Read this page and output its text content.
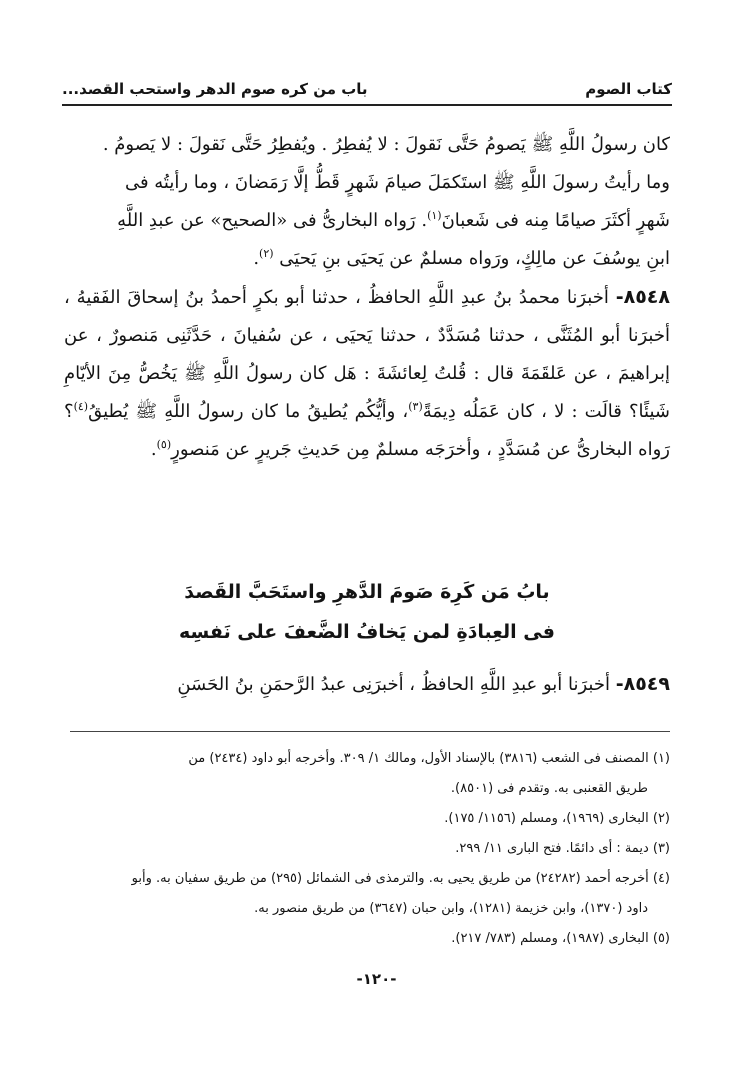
كتاب الصوم
باب من كره صوم الدهر واستحب القصد...

كان رسولُ اللَّهِ ﷺ يَصومُ حَتَّى نَقولَ : لا يُفطِرُ . ويُفطِرُ حَتَّى نَقولَ : لا يَصومُ .

وما رأيتُ رسولَ اللَّهِ ﷺ استَكمَلَ صيامَ شَهرٍ قَطُّ إلَّا رَمَضانَ ، وما رأيتُه فى

شَهرٍ أكثَرَ صيامًا مِنه فى شَعبانَ$^{(١)}$. رَواه البخارىُّ فى «الصحيح» عن عبدِ اللَّهِ

ابنِ يوسُفَ عن مالِكٍ، ورَواه مسلمٌ عن يَحيَى بنِ يَحيَى $^{(٢)}$.

٨٥٤٨- أخبرَنا محمدُ بنُ عبدِ اللَّهِ الحافظُ ، حدثنا أبو بكرٍ أحمدُ بنُ إسحاقَ الفَقيهُ ، أخبرَنا أبو المُثَنَّى ، حدثنا مُسَدَّدٌ ، حدثنا يَحيَى ، عن سُفيانَ ، حَدَّثَنِى مَنصورٌ ، عن إبراهيمَ ، عن عَلقَمَةَ قال : قُلتُ لِعائشَةَ : هَل كان رسولُ اللَّهِ ﷺ يَخُصُّ مِنَ الأيّامِ شَيئًا؟ قالَت : لا ، كان عَمَلُه دِيمَةً$^{(٣)}$، وأيُّكُم يُطيقُ ما كان رسولُ اللَّهِ ﷺ يُطيقُ$^{(٤)}$؟ رَواه البخارىُّ عن مُسَدَّدٍ ، وأخرَجَه مسلمٌ مِن حَديثِ جَريرٍ عن مَنصورٍ$^{(٥)}$.

بابُ مَن كَرِهَ صَومَ الدَّهرِ واستَحَبَّ القَصدَ
فى العِبادَةِ لمن يَخافُ الضَّعفَ على نَفسِه
٨٥٤٩- أخبرَنا أبو عبدِ اللَّهِ الحافظُ ، أخبرَنِى عبدُ الرَّحمَنِ بنُ الحَسَنِ
(١) المصنف فى الشعب (٣٨١٦) بالإسناد الأول، ومالك ١/ ٣٠٩. وأخرجه أبو داود (٢٤٣٤) من
طريق القعنبى به. وتقدم فى (٨٥٠١).
(٢) البخارى (١٩٦٩)، ومسلم (١١٥٦/ ١٧٥).
(٣) ديمة : أى دائمًا. فتح البارى ١١/ ٢٩٩.
(٤) أخرجه أحمد (٢٤٢٨٢) من طريق يحيى به. والترمذى فى الشمائل (٢٩٥) من طريق سفيان به. وأبو
داود (١٣٧٠)، وابن خزيمة (١٢٨١)، وابن حبان (٣٦٤٧) من طريق منصور به.
(٥) البخارى (١٩٨٧)، ومسلم (٧٨٣/ ٢١٧).
-١٢٠-
